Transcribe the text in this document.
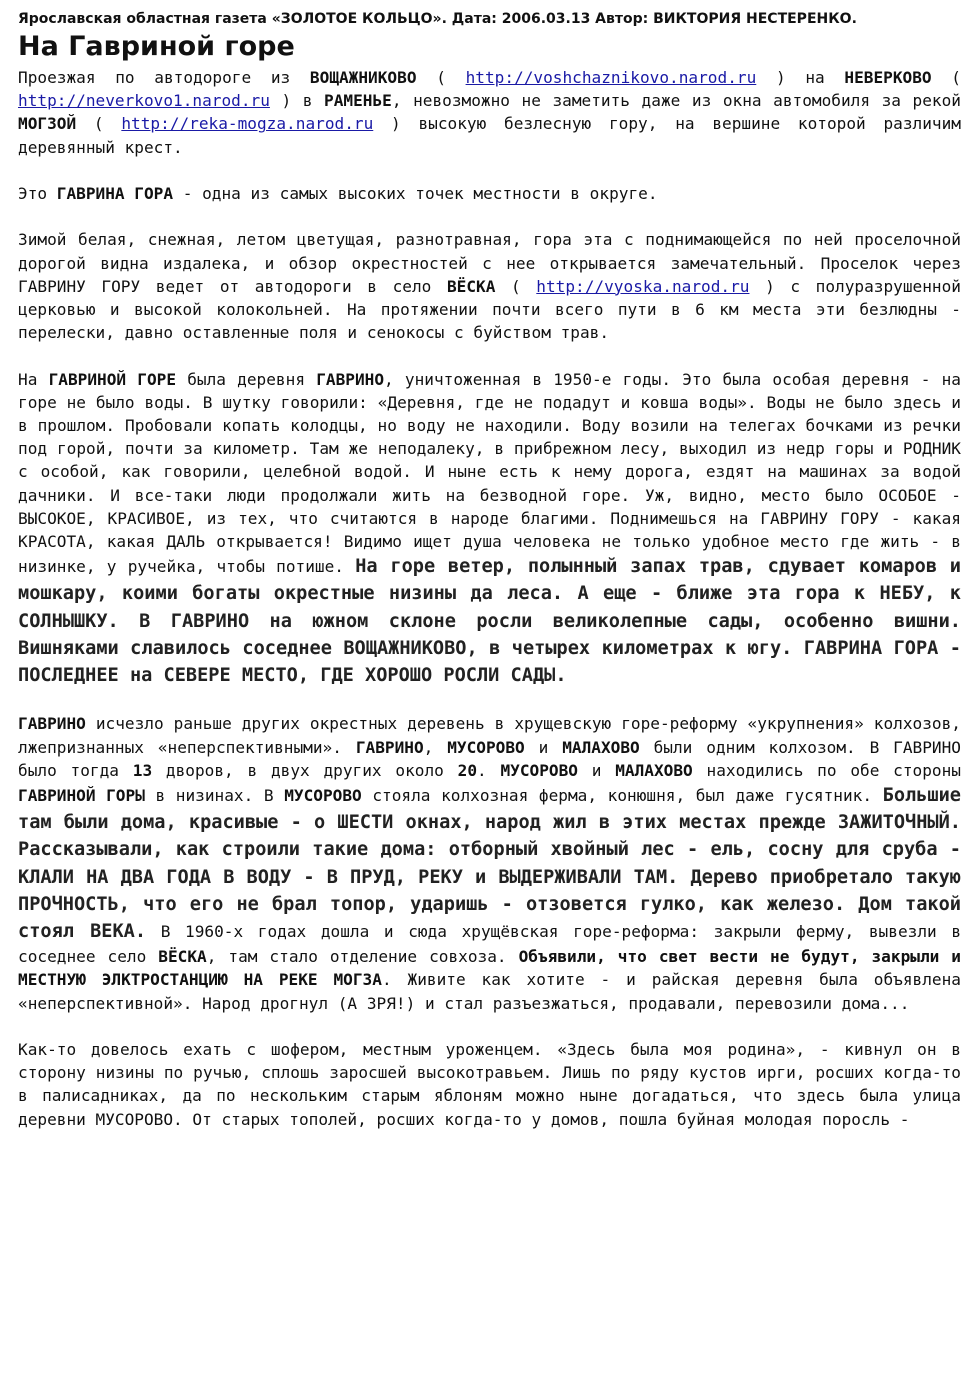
Ярославская областная газета «ЗОЛОТОЕ КОЛЬЦО». Дата: 2006.03.13 Автор: ВИКТОРИЯ НЕСТЕРЕНКО.
На Гавриной горе

Проезжая по автодороге из ВОЩАЖНИКОВО ( http://voshchaznikovo.narod.ru ) на НЕВЕРКОВО ( http://neverkovo1.narod.ru ) в РАМЕНЬЕ, невозможно не заметить даже из окна автомобиля за рекой МОГЗОЙ ( http://reka-mogza.narod.ru ) высокую безлесную гору, на вершине которой различим деревянный крест.

Это ГАВРИНА ГОРА - одна из самых высоких точек местности в округе.

Зимой белая, снежная, летом цветущая, разнотравная, гора эта с поднимающейся по ней проселочной дорогой видна издалека, и обзор окрестностей с нее открывается замечательный. Проселок через ГАВРИНУ ГОРУ ведет от автодороги в село ВЁСКА ( http://vyoska.narod.ru ) с полуразрушенной церковью и высокой колокольней. На протяжении почти всего пути в 6 км места эти безлюдны - перелески, давно оставленные поля и сенокосы с буйством трав.

На ГАВРИНОЙ ГОРЕ была деревня ГАВРИНО, уничтоженная в 1950-е годы. Это была особая деревня - на горе не было воды. В шутку говорили: «Деревня, где не подадут и ковша воды». Воды не было здесь и в прошлом. Пробовали копать колодцы, но воду не находили. Воду возили на телегах бочками из речки под горой, почти за километр. Там же неподалеку, в прибрежном лесу, выходил из недр горы и РОДНИК с особой, как говорили, целебной водой. И ныне есть к нему дорога, ездят на машинах за водой дачники. И все-таки люди продолжали жить на безводной горе. Уж, видно, место было ОСОБОЕ - ВЫСОКОЕ, КРАСИВОЕ, из тех, что считаются в народе благими. Поднимешься на ГАВРИНУ ГОРУ - какая КРАСОТА, какая ДАЛЬ открывается! Видимо ищет душа человека не только удобное место где жить - в низинке, у ручейка, чтобы потише. На горе ветер, полынный запах трав, сдувает комаров и мошкару, коими богаты окрестные низины да леса. А еще - ближе эта гора к НЕБУ, к СОЛНЫШКУ. В ГАВРИНО на южном склоне росли великолепные сады, особенно вишни. Вишняками славилось соседнее ВОЩАЖНИКОВО, в четырех километрах к югу. ГАВРИНА ГОРА - ПОСЛЕДНЕЕ на СЕВЕРЕ МЕСТО, ГДЕ ХОРОШО РОСЛИ САДЫ.

ГАВРИНО исчезло раньше других окрестных деревень в хрущевскую горе-реформу «укрупнения» колхозов, лжепризнанных «неперспективными». ГАВРИНО, МУСОРОВО и МАЛАХОВО были одним колхозом. В ГАВРИНО было тогда 13 дворов, в двух других около 20. МУСОРОВО и МАЛАХОВО находились по обе стороны ГАВРИНОЙ ГОРЫ в низинах. В МУСОРОВО стояла колхозная ферма, конюшня, был даже гусятник. Большие там были дома, красивые - о ШЕСТИ окнах, народ жил в этих местах прежде ЗАЖИТОЧНЫЙ. Рассказывали, как строили такие дома: отборный хвойный лес - ель, сосну для сруба - КЛАЛИ НА ДВА ГОДА В ВОДУ - В ПРУД, РЕКУ и ВЫДЕРЖИВАЛИ ТАМ. Дерево приобретало такую ПРОЧНОСТЬ, что его не брал топор, ударишь - отзовется гулко, как железо. Дом такой стоял ВЕКА. В 1960-х годах дошла и сюда хрущёвская горе-реформа: закрыли ферму, вывезли в соседнее село ВЁСКА, там стало отделение совхоза. Объявили, что свет вести не будут, закрыли и МЕСТНУЮ ЭЛКТРОСТАНЦИЮ НА РЕКЕ МОГЗА. Живите как хотите - и райская деревня была объявлена «неперспективной». Народ дрогнул (А ЗРЯ!) и стал разъезжаться, продавали, перевозили дома...

Как-то довелось ехать с шофером, местным уроженцем. «Здесь была моя родина», - кивнул он в сторону низины по ручью, сплошь заросшей высокотравьем. Лишь по ряду кустов ирги, росших когда-то в палисадниках, да по нескольким старым яблоням можно ныне догадаться, что здесь была улица деревни МУСОРОВО. От старых тополей, росших когда-то у домов, пошла буйная молодая поросль -
